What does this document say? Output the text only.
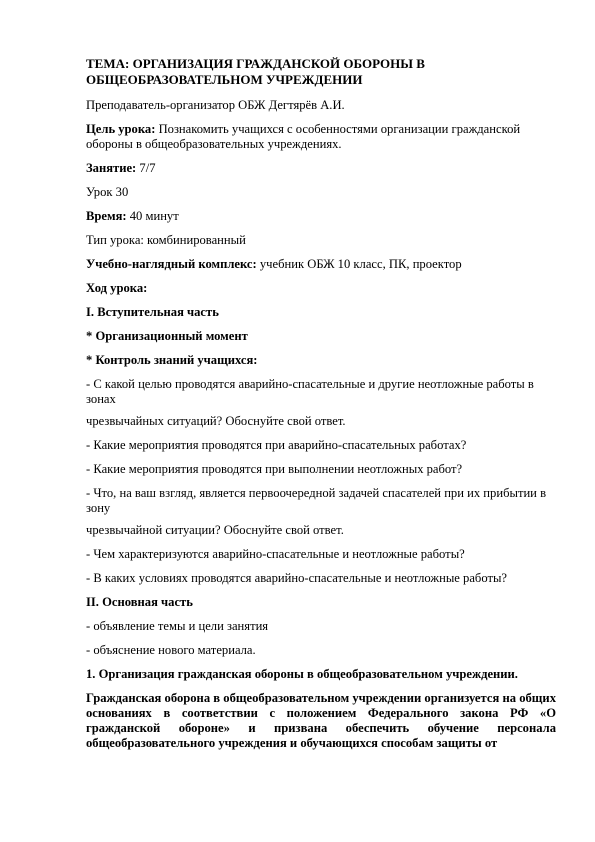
ТЕМА: ОРГАНИЗАЦИЯ ГРАЖДАНСКОЙ ОБОРОНЫ В ОБЩЕОБРАЗОВАТЕЛЬНОМ УЧРЕЖДЕНИИ
Преподаватель-организатор ОБЖ Дегтярёв А.И.
Цель урока: Познакомить учащихся с особенностями организации гражданской обороны в общеобразовательных учреждениях.
Занятие: 7/7
Урок 30
Время: 40 минут
Тип урока: комбинированный
Учебно-наглядный комплекс: учебник ОБЖ 10 класс, ПК, проектор
Ход урока:
I. Вступительная часть
* Организационный момент
* Контроль знаний учащихся:
- С какой целью проводятся аварийно-спасательные и другие неотложные работы в зонах
чрезвычайных ситуаций? Обоснуйте свой ответ.
- Какие мероприятия проводятся при аварийно-спасательных работах?
- Какие мероприятия проводятся при выполнении неотложных работ?
- Что, на ваш взгляд, является первоочередной задачей спасателей при их прибытии в зону
чрезвычайной ситуации? Обоснуйте свой ответ.
- Чем характеризуются аварийно-спасательные и неотложные работы?
- В каких условиях проводятся аварийно-спасательные и неотложные работы?
II. Основная часть
- объявление темы и цели занятия
- объяснение нового материала.
1. Организация гражданская обороны в общеобразовательном учреждении.
Гражданская оборона в общеобразовательном учреждении организуется на общих основаниях в соответствии с положением Федерального закона РФ «О гражданской обороне» и призвана обеспечить обучение персонала общеобразовательного учреждения и обучающихся способам защиты от
